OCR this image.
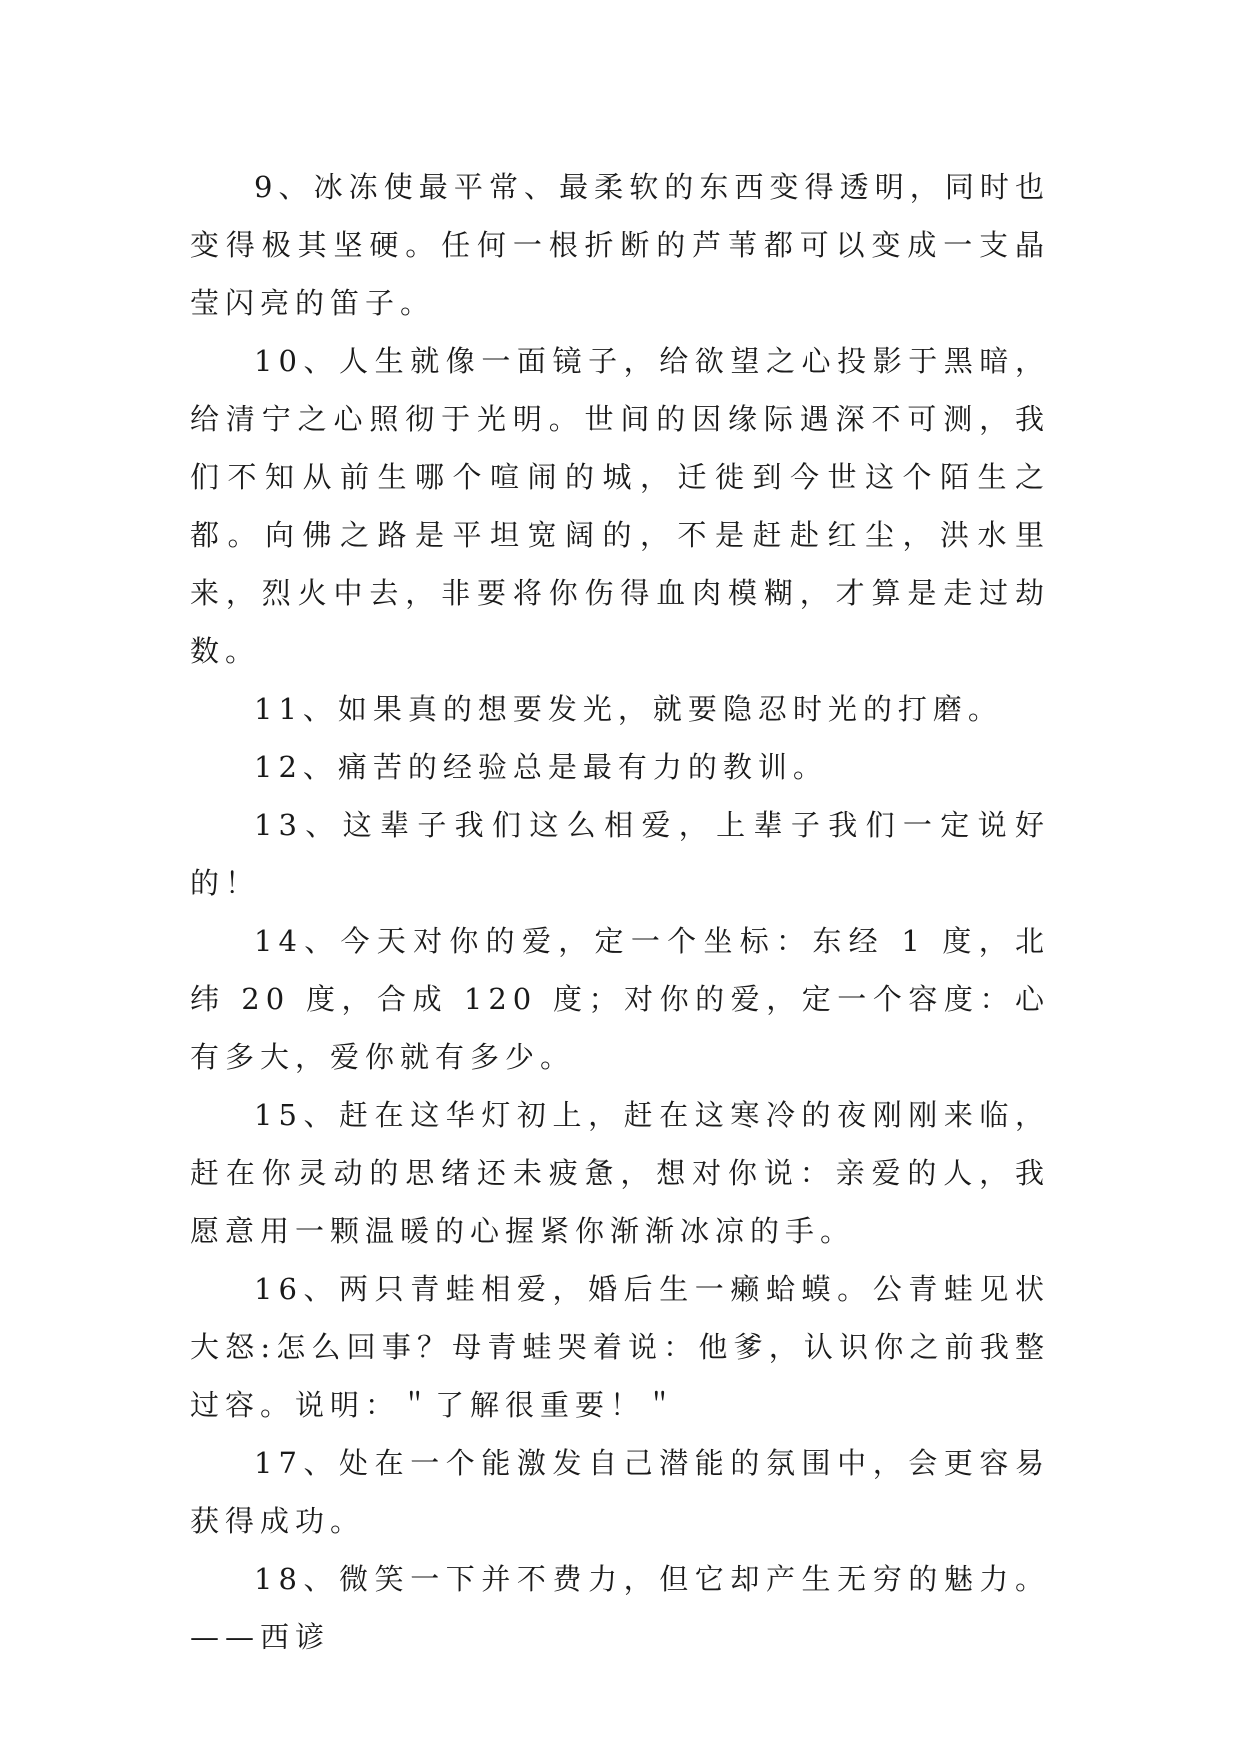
9、冰冻使最平常、最柔软的东西变得透明，同时也变得极其坚硬。任何一根折断的芦苇都可以变成一支晶莹闪亮的笛子。

10、人生就像一面镜子，给欲望之心投影于黑暗，给清宁之心照彻于光明。世间的因缘际遇深不可测，我们不知从前生哪个喧闹的城，迁徙到今世这个陌生之都。向佛之路是平坦宽阔的，不是赶赴红尘，洪水里来，烈火中去，非要将你伤得血肉模糊，才算是走过劫数。

11、如果真的想要发光，就要隐忍时光的打磨。

12、痛苦的经验总是最有力的教训。

13、这辈子我们这么相爱，上辈子我们一定说好的！

14、今天对你的爱，定一个坐标：东经 1 度，北纬 20 度，合成 120 度；对你的爱，定一个容度：心有多大，爱你就有多少。

15、赶在这华灯初上，赶在这寒冷的夜刚刚来临，赶在你灵动的思绪还未疲惫，想对你说：亲爱的人，我愿意用一颗温暖的心握紧你渐渐冰凉的手。

16、两只青蛙相爱，婚后生一癞蛤蟆。公青蛙见状大怒:怎么回事？母青蛙哭着说：他爹，认识你之前我整过容。说明：＂了解很重要！＂

17、处在一个能激发自己潜能的氛围中，会更容易获得成功。

18、微笑一下并不费力，但它却产生无穷的魅力。——西谚
